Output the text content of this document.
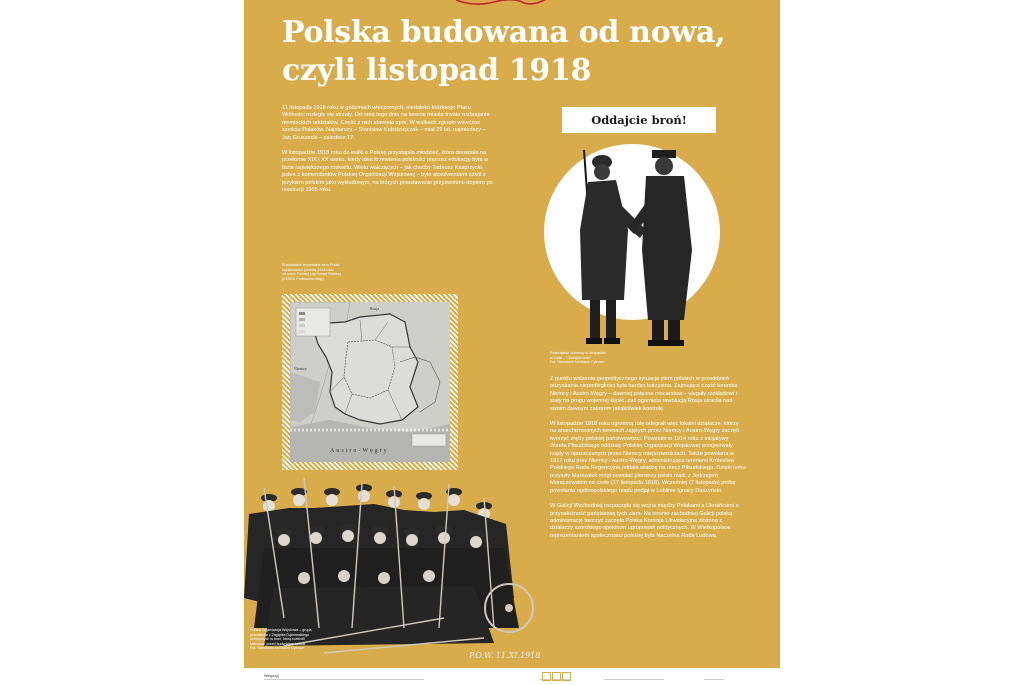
Polska budowana od nowa,
czyli listopad 1918

11 listopada 1918 roku w godzinach wieczornych, niedaleko łódzkiego Placu Wolności rozległy się strzały. Od rana tego dnia na terenie miasta trwało rozbrajanie niemieckich oddziałów. Część z nich stawiała opór. W walkach zginęło wówczas sześciu Polaków. Najstarszy – Stanisław Kołodziejczak – miał 29 lat, najmłodszy – Jan Gruszecki – zaledwie 17.

W listopadzie 1918 roku do walki o Polskę przystąpiła młodzież, która dorastała na przełomie XIX i XX wieku, kiedy idea krzewienia polskości poprzez edukację była w fazie największego rozkwitu. Wielu walczących – jak choćby Tadeusz Kasprzycki, jeden z komendantów Polskiej Organizacji Wojskowej – było absolwentami szkół z językiem polskim jako wykładowym, na których powstawanie przyzwolono dopiero po rewolucji 1905 roku.

Rozkładanie terytorialne ziem Polski
zaplanowane jesienią 1918 roku
na rzecz Polskiej Ligi Swojej Ratuszy
(EKSEC Profesorów Map)
Rosja
Niemcy
Austro-Węgry
Oddajcie broń!
Rozbrajanie żołnierzy w listopadzie
w Łodzi – "Oddajcie broń"
Fot. Narodowe Archiwum Cyfrowe

Z punktu widzenia geopolitycznego sytuacja ziem polskich w przeddzień odzyskania niepodległości była bardzo korzystna. Zajmujące część terenów Niemcy i Austro-Węgry – dawniej potężne mocarstwa – ulegały rozkładowi i stały na progu wojennej klęski, zaś ogarnięta rewolucją Rosja utraciła nad swoim dawnym zaborem jakąkolwiek kontrolę.

W listopadzie 1918 roku ogromną rolę odegrali więc lokalni działacze, którzy na anarchizowanych terenach zajętych przez Niemcy i Austro-Węgry zaczęli tworzyć zręby polskiej państwowości. Powstałe w 1914 roku z inicjatywy Józefa Piłsudskiego oddziały Polskiej Organizacji Wojskowej przejmowały rządy w opuszczanych przez Niemcy miejscowościach. Także powołana w 1917 roku prez Niemcy i Austro-Węgry, administrująca terenami Królestwa Polskiego Rada Regencyjna oddała władzę na rzecz Piłsudskiego. Dzięki temu przyszły Marszałek mógł powołać pierwszy polski rząd, z Jędrzejem Moraczewskim na czele (17 listopada 1918). Wcześniej (7 listopada) próbę powołania ogólnopolskiego rządu podjął w Lublinie Ignacy Daszyński.

W Galicji Wschodniej rozpoczęła się wojna między Polakami a Ukraińcami o przynależność państwową tych ziem. Na terenie zachodniej Galicji polską administrację tworzyć zaczęła Polska Komisja Likwidacyjna złożona z działaczy szerokiego spektrum ugrupowań politycznych. W Wielkopolsce reprezentantem społeczności polskiej była Naczelna Rada Ludowa.

P.O.W. 11.XI.1918
Polska Organizacja Wojskowa – grupa
peowiaków z Zagłębia Dąbrowskiego
uzbrojonych w broń, którą rozbroili
Niemców, przed budynkiem koszar
Fot. Narodowe Archiwum Cyfrowe
Wesprzyj
